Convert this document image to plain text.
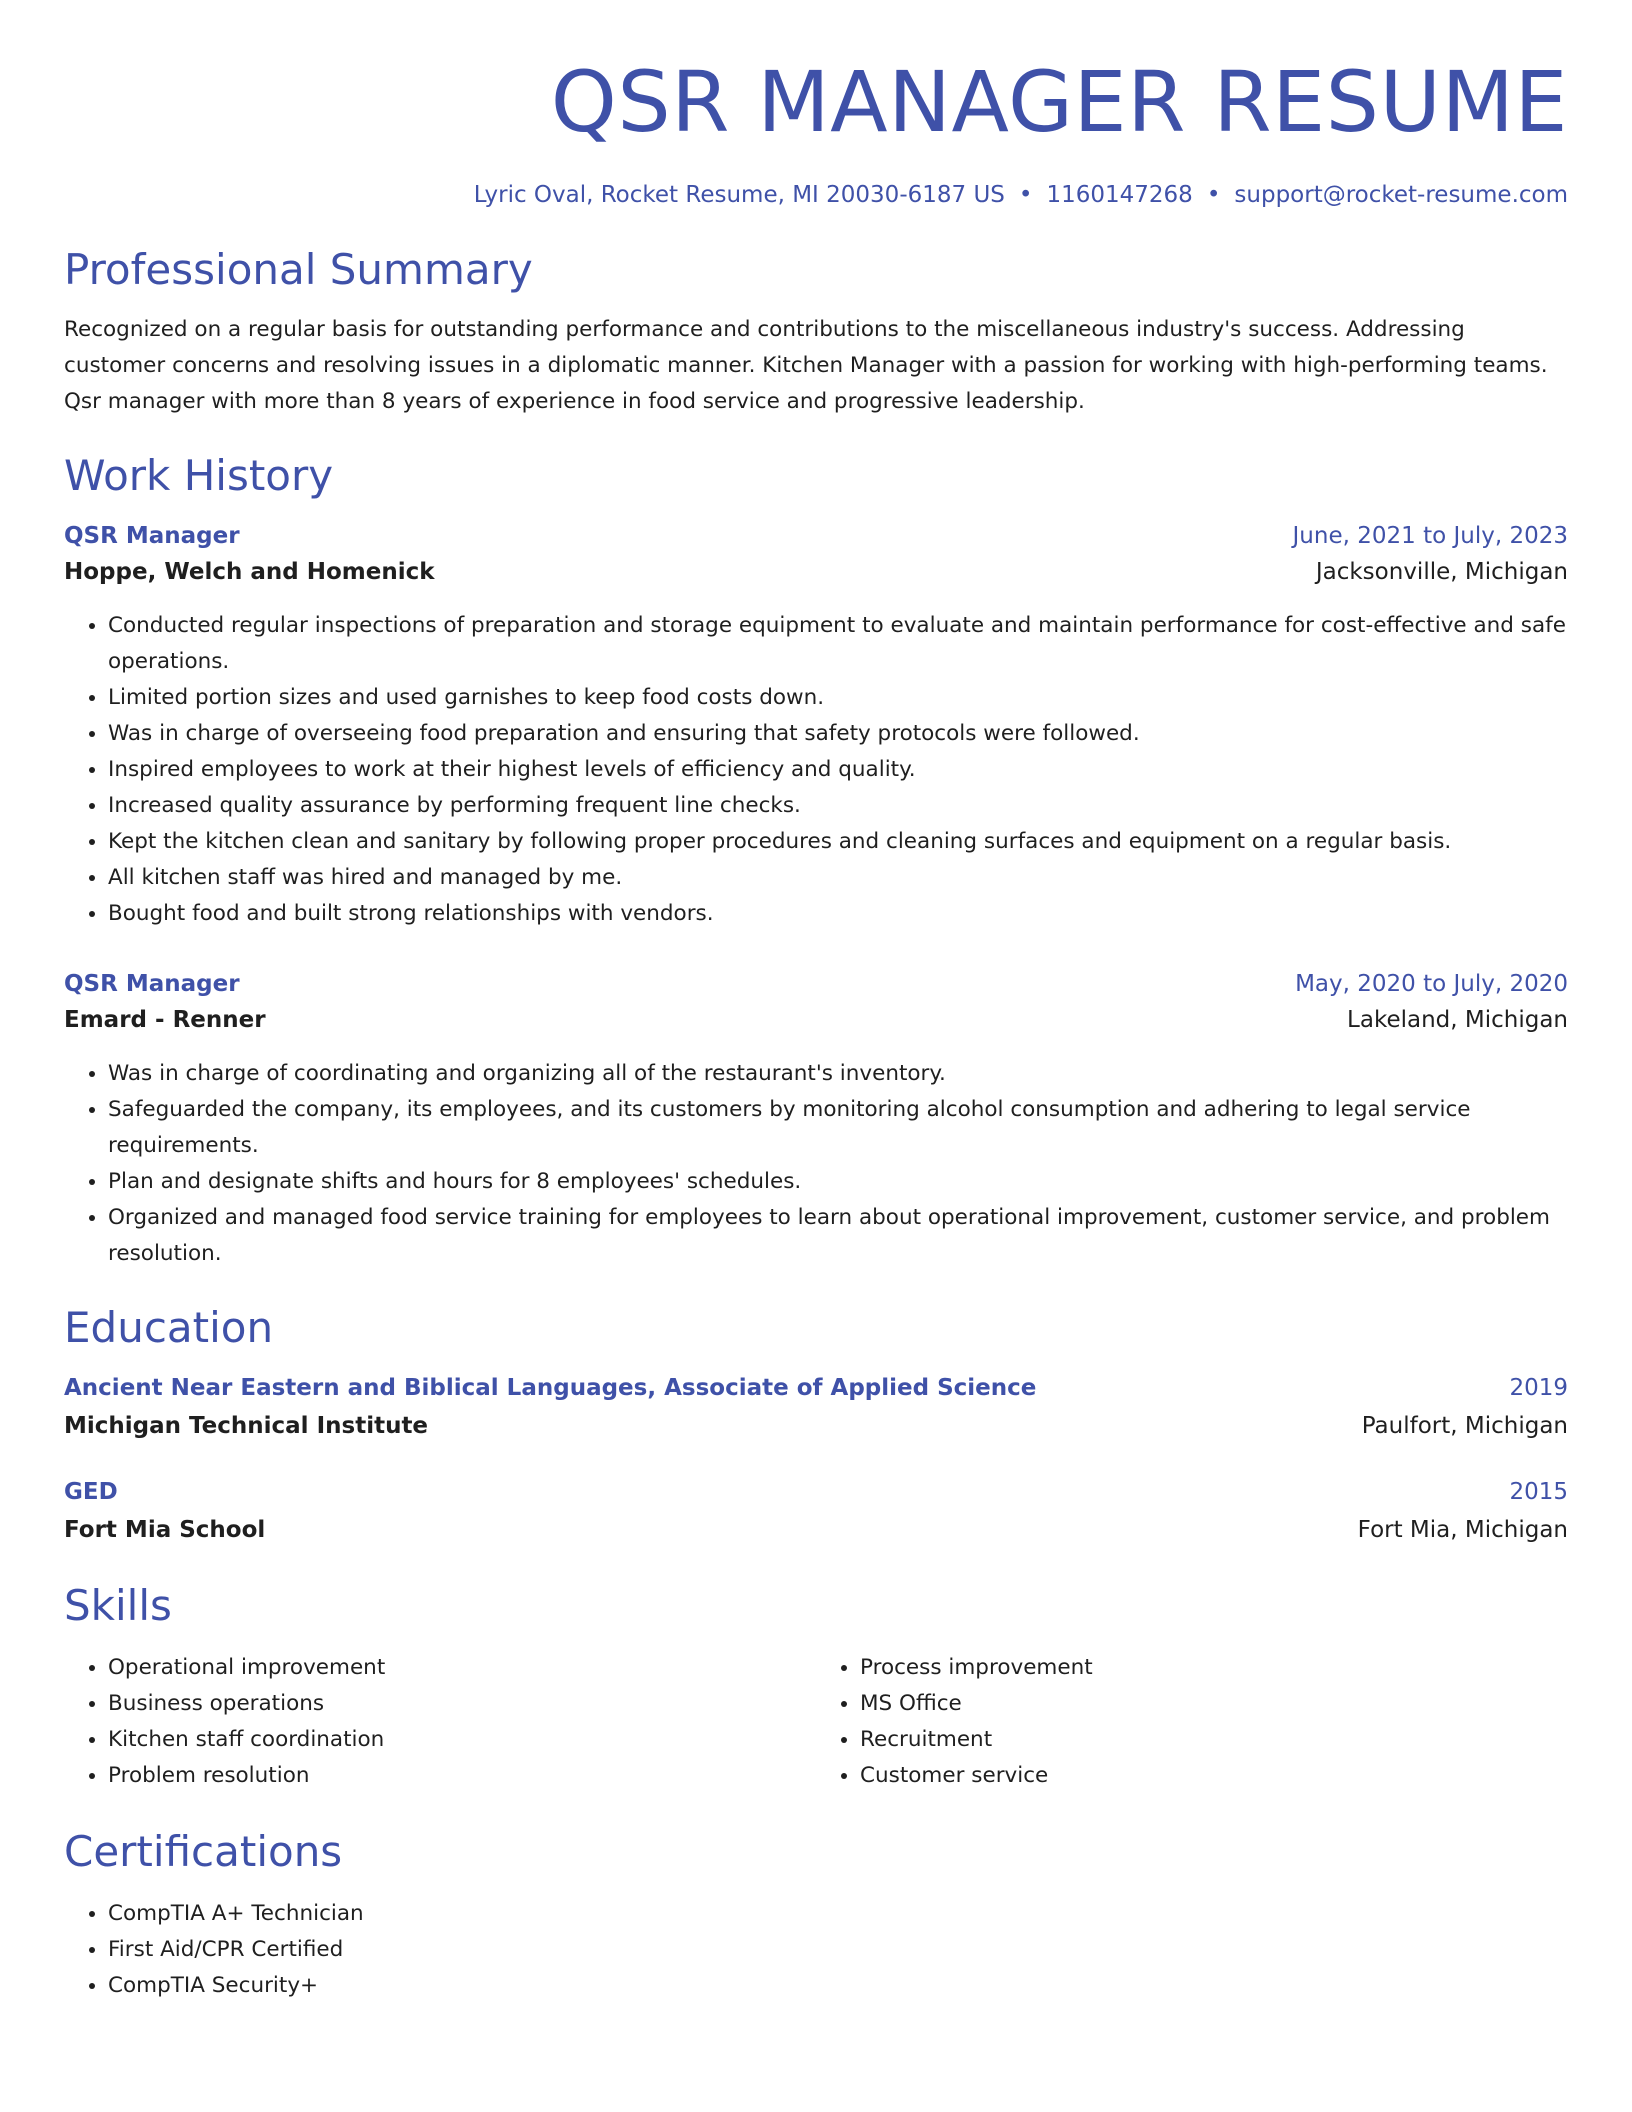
QSR MANAGER RESUME
Lyric Oval, Rocket Resume, MI 20030-6187 US • 1160147268 • support@rocket-resume.com
Professional Summary

Recognized on a regular basis for outstanding performance and contributions to the miscellaneous industry's success. Addressing customer concerns and resolving issues in a diplomatic manner. Kitchen Manager with a passion for working with high-performing teams. Qsr manager with more than 8 years of experience in food service and progressive leadership.

Work History
QSR Manager	June, 2021 to July, 2023
Hoppe, Welch and Homenick	Jacksonville, Michigan
• Conducted regular inspections of preparation and storage equipment to evaluate and maintain performance for cost-effective and safe operations.
• Limited portion sizes and used garnishes to keep food costs down.
• Was in charge of overseeing food preparation and ensuring that safety protocols were followed.
• Inspired employees to work at their highest levels of efficiency and quality.
• Increased quality assurance by performing frequent line checks.
• Kept the kitchen clean and sanitary by following proper procedures and cleaning surfaces and equipment on a regular basis.
• All kitchen staff was hired and managed by me.
• Bought food and built strong relationships with vendors.
QSR Manager	May, 2020 to July, 2020
Emard - Renner	Lakeland, Michigan
• Was in charge of coordinating and organizing all of the restaurant's inventory.
• Safeguarded the company, its employees, and its customers by monitoring alcohol consumption and adhering to legal service requirements.
• Plan and designate shifts and hours for 8 employees' schedules.
• Organized and managed food service training for employees to learn about operational improvement, customer service, and problem resolution.
Education
Ancient Near Eastern and Biblical Languages, Associate of Applied Science	2019
Michigan Technical Institute	Paulfort, Michigan
GED	2015
Fort Mia School	Fort Mia, Michigan
Skills
• Operational improvement
• Business operations
• Kitchen staff coordination
• Problem resolution
• Process improvement
• MS Office
• Recruitment
• Customer service
Certifications
• CompTIA A+ Technician
• First Aid/CPR Certified
• CompTIA Security+
